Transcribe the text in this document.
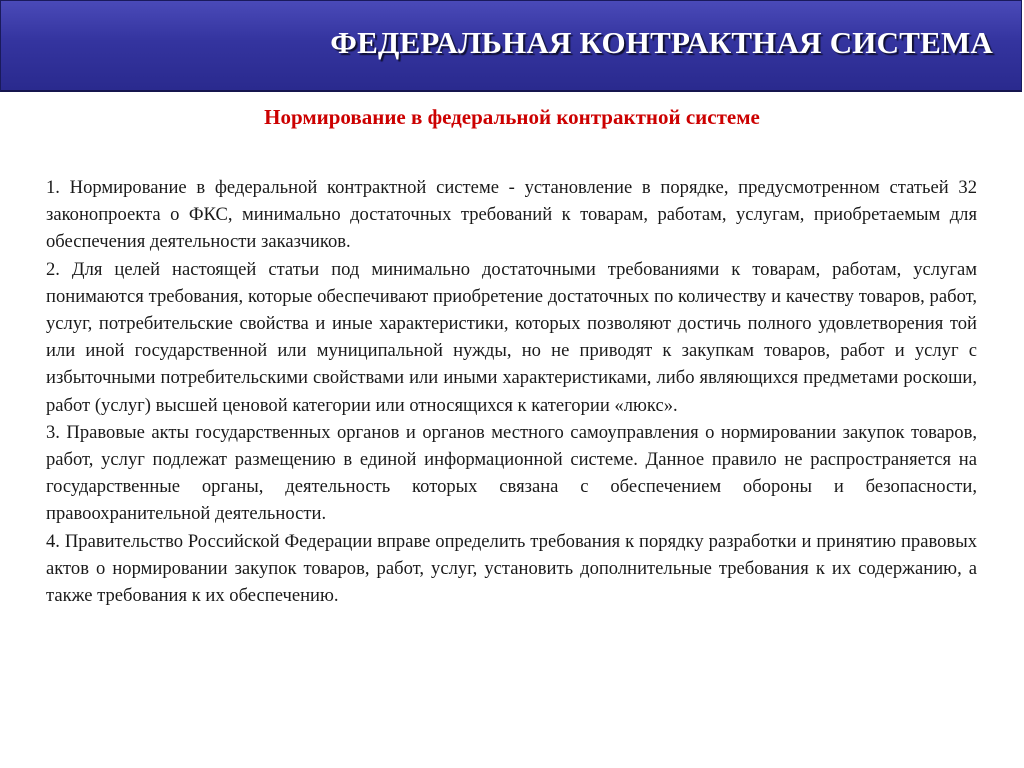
ФЕДЕРАЛЬНАЯ КОНТРАКТНАЯ СИСТЕМА
Нормирование в федеральной контрактной системе

1. Нормирование в федеральной контрактной системе - установление в порядке, предусмотренном статьей 32 законопроекта о ФКС, минимально достаточных требований к товарам, работам, услугам, приобретаемым для обеспечения деятельности заказчиков.

2. Для целей настоящей статьи под минимально достаточными требованиями к товарам, работам, услугам понимаются требования, которые обеспечивают приобретение достаточных по количеству и качеству товаров, работ, услуг, потребительские свойства и иные характеристики, которых позволяют достичь полного удовлетворения той или иной государственной или муниципальной нужды, но не приводят к закупкам товаров, работ и услуг с избыточными потребительскими свойствами или иными характеристиками, либо являющихся предметами роскоши, работ (услуг) высшей ценовой категории или относящихся к категории «люкс».

3. Правовые акты государственных органов и органов местного самоуправления о нормировании закупок товаров, работ, услуг подлежат размещению в единой информационной системе. Данное правило не распространяется на государственные органы, деятельность которых связана с обеспечением обороны и безопасности, правоохранительной деятельности.

4. Правительство Российской Федерации вправе определить требования к порядку разработки и принятию правовых актов о нормировании закупок товаров, работ, услуг, установить дополнительные требования к их содержанию, а также требования к их обеспечению.
